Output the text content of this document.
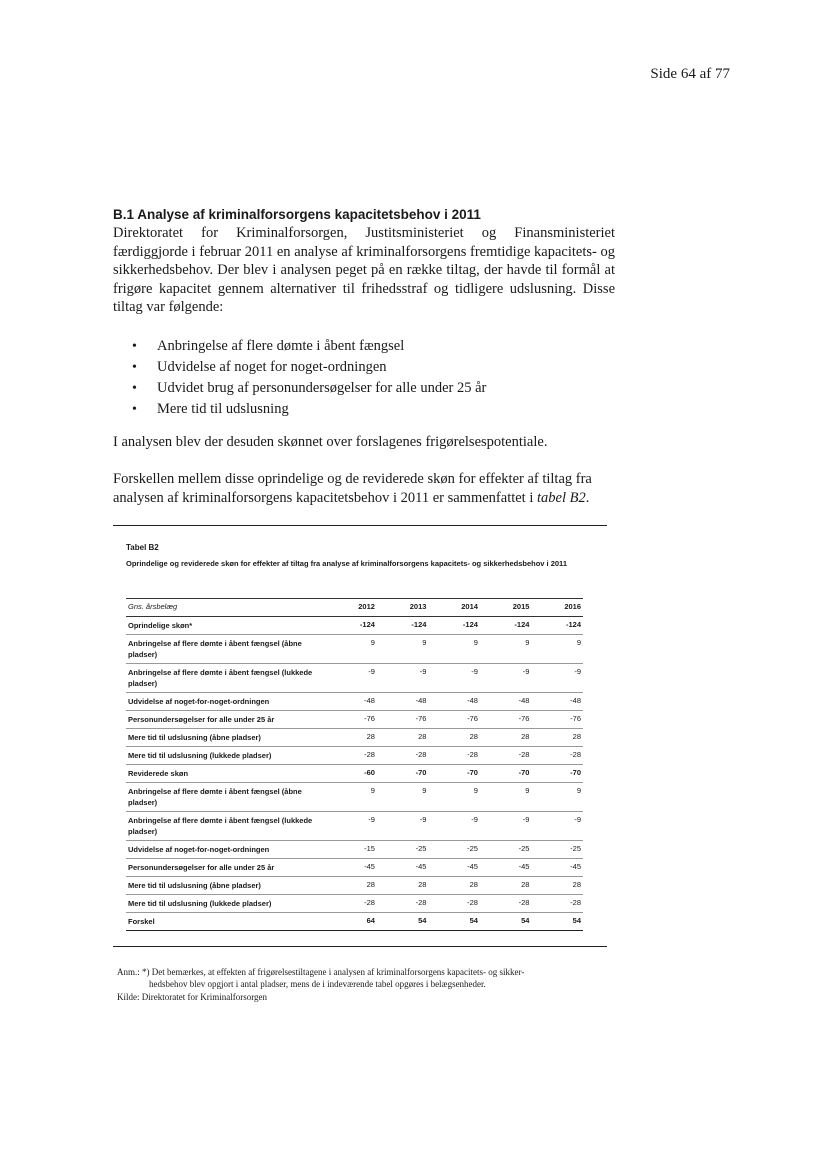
Side 64 af 77
B.1 Analyse af kriminalforsorgens kapacitetsbehov i 2011
Direktoratet for Kriminalforsorgen, Justitsministeriet og Finansministeriet færdiggjorde i februar 2011 en analyse af kriminalforsorgens fremtidige kapacitets- og sikkerhedsbehov. Der blev i analysen peget på en række tiltag, der havde til formål at frigøre kapacitet gennem alternativer til frihedsstraf og tidligere udslusning. Disse tiltag var følgende:
• Anbringelse af flere dømte i åbent fængsel
• Udvidelse af noget for noget-ordningen
• Udvidet brug af personundersøgelser for alle under 25 år
• Mere tid til udslusning
I analysen blev der desuden skønnet over forslagenes frigørelsespotentiale.
Forskellen mellem disse oprindelige og de reviderede skøn for effekter af tiltag fra analysen af kriminalforsorgens kapacitetsbehov i 2011 er sammenfattet i tabel B2.
Tabel B2
Oprindelige og reviderede skøn for effekter af tiltag fra analyse af kriminalforsorgens kapacitets- og sikkerhedsbehov i 2011
Gns. årsbelæg	2012	2013	2014	2015	2016
Oprindelige skøn*	-124	-124	-124	-124	-124
Anbringelse af flere dømte i åbent fængsel (åbne pladser)	9	9	9	9	9
Anbringelse af flere dømte i åbent fængsel (lukkede pladser)	-9	-9	-9	-9	-9
Udvidelse af noget-for-noget-ordningen	-48	-48	-48	-48	-48
Personundersøgelser for alle under 25 år	-76	-76	-76	-76	-76
Mere tid til udslusning (åbne pladser)	28	28	28	28	28
Mere tid til udslusning (lukkede pladser)	-28	-28	-28	-28	-28
Reviderede skøn	-60	-70	-70	-70	-70
Anbringelse af flere dømte i åbent fængsel (åbne pladser)	9	9	9	9	9
Anbringelse af flere dømte i åbent fængsel (lukkede pladser)	-9	-9	-9	-9	-9
Udvidelse af noget-for-noget-ordningen	-15	-25	-25	-25	-25
Personundersøgelser for alle under 25 år	-45	-45	-45	-45	-45
Mere tid til udslusning (åbne pladser)	28	28	28	28	28
Mere tid til udslusning (lukkede pladser)	-28	-28	-28	-28	-28
Forskel	64	54	54	54	54
Anm.: *) Det bemærkes, at effekten af frigørelsestiltagene i analysen af kriminalforsorgens kapacitets- og sikker-
hedsbehov blev opgjort i antal pladser, mens de i indeværende tabel opgøres i belægsenheder.
Kilde: Direktoratet for Kriminalforsorgen
